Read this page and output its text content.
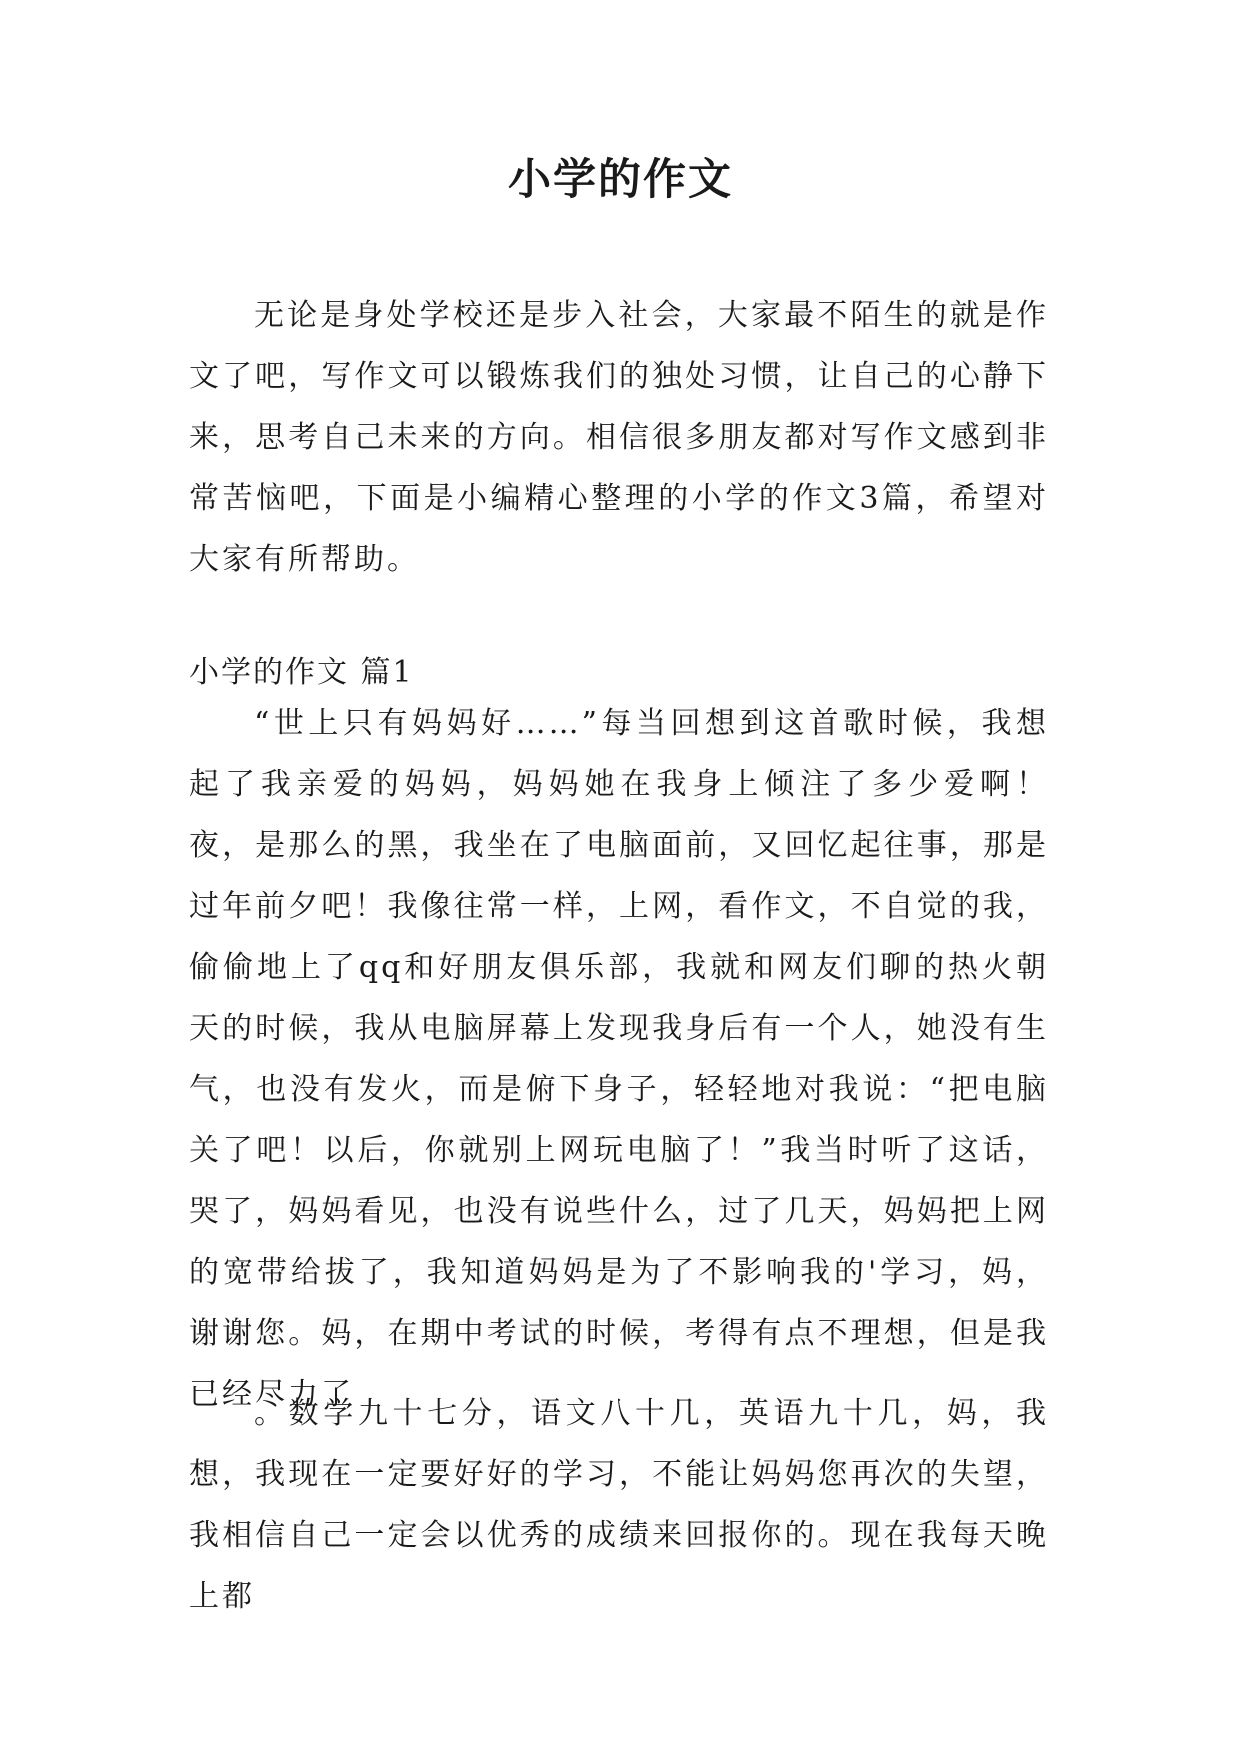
小学的作文

无论是身处学校还是步入社会，大家最不陌生的就是作文了吧，写作文可以锻炼我们的独处习惯，让自己的心静下来，思考自己未来的方向。相信很多朋友都对写作文感到非常苦恼吧，下面是小编精心整理的小学的作文3篇，希望对大家有所帮助。

小学的作文 篇1

“世上只有妈妈好……”每当回想到这首歌时候，我想起了我亲爱的妈妈，妈妈她在我身上倾注了多少爱啊！ 夜，是那么的黑，我坐在了电脑面前，又回忆起往事，那是过年前夕吧！我像往常一样，上网，看作文，不自觉的我，偷偷地上了qq和好朋友俱乐部，我就和网友们聊的热火朝天的时候，我从电脑屏幕上发现我身后有一个人，她没有生气，也没有发火，而是俯下身子，轻轻地对我说：“把电脑关了吧！以后，你就别上网玩电脑了！”我当时听了这话，哭了，妈妈看见，也没有说些什么，过了几天，妈妈把上网的宽带给拔了，我知道妈妈是为了不影响我的'学习，妈，谢谢您。妈，在期中考试的时候，考得有点不理想，但是我已经尽力了

。数学九十七分，语文八十几，英语九十几，妈，我想，我现在一定要好好的学习，不能让妈妈您再次的失望，我相信自己一定会以优秀的成绩来回报你的。现在我每天晚上都
